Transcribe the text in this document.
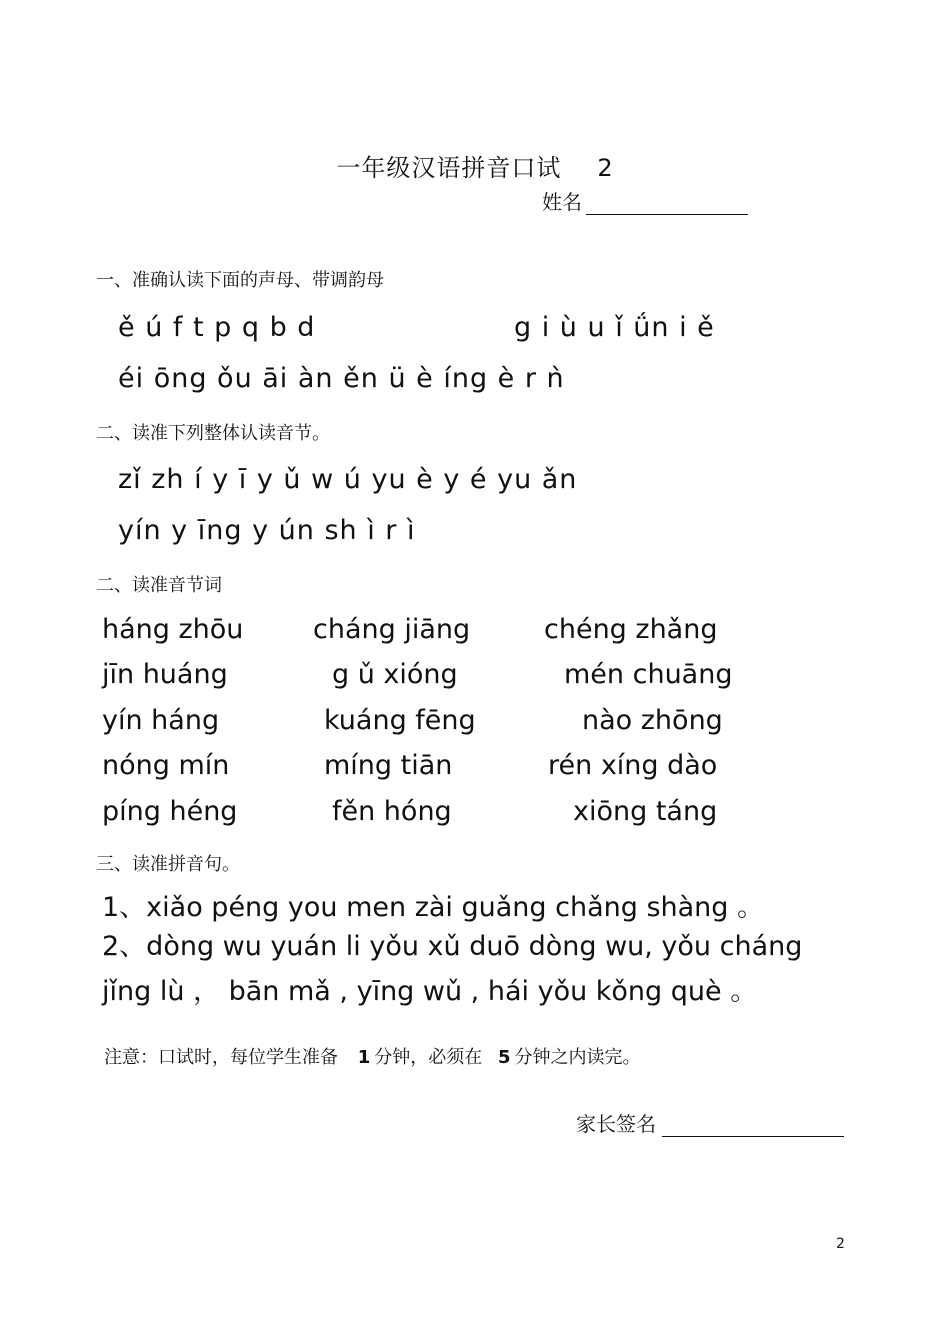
一年级汉语拼音口试 2
姓名
一、准确认读下面的声母、带调韵母
ě ú f t p q b d	g i ù u ǐ ǘn i ě
éi ōng ǒu āi àn ěn ü è íng è r ǹ
二、读准下列整体认读音节。
zǐ zh í y ī y ǔ w ú yu è y é yu ǎn
yín y īng y ún sh ì r ì
二、读准音节词
háng zhōu	cháng jiāng	chéng zhǎng
jīn huáng	g ǔ xióng	mén chuāng
yín háng	kuáng fēng	nào zhōng
nóng mín	míng tiān	rén xíng dào
píng héng	fěn hóng	xiōng táng
三、读准拼音句。
1、xiǎo péng you men zài guǎng chǎng shàng 。
2、dòng wu yuán li yǒu xǔ duō dòng wu, yǒu cháng
jǐng lù ， bān mǎ , yīng wǔ , hái yǒu kǒng què 。
注意：口试时，每位学生准备 1 分钟，必须在 5 分钟之内读完。
家长签名
2
